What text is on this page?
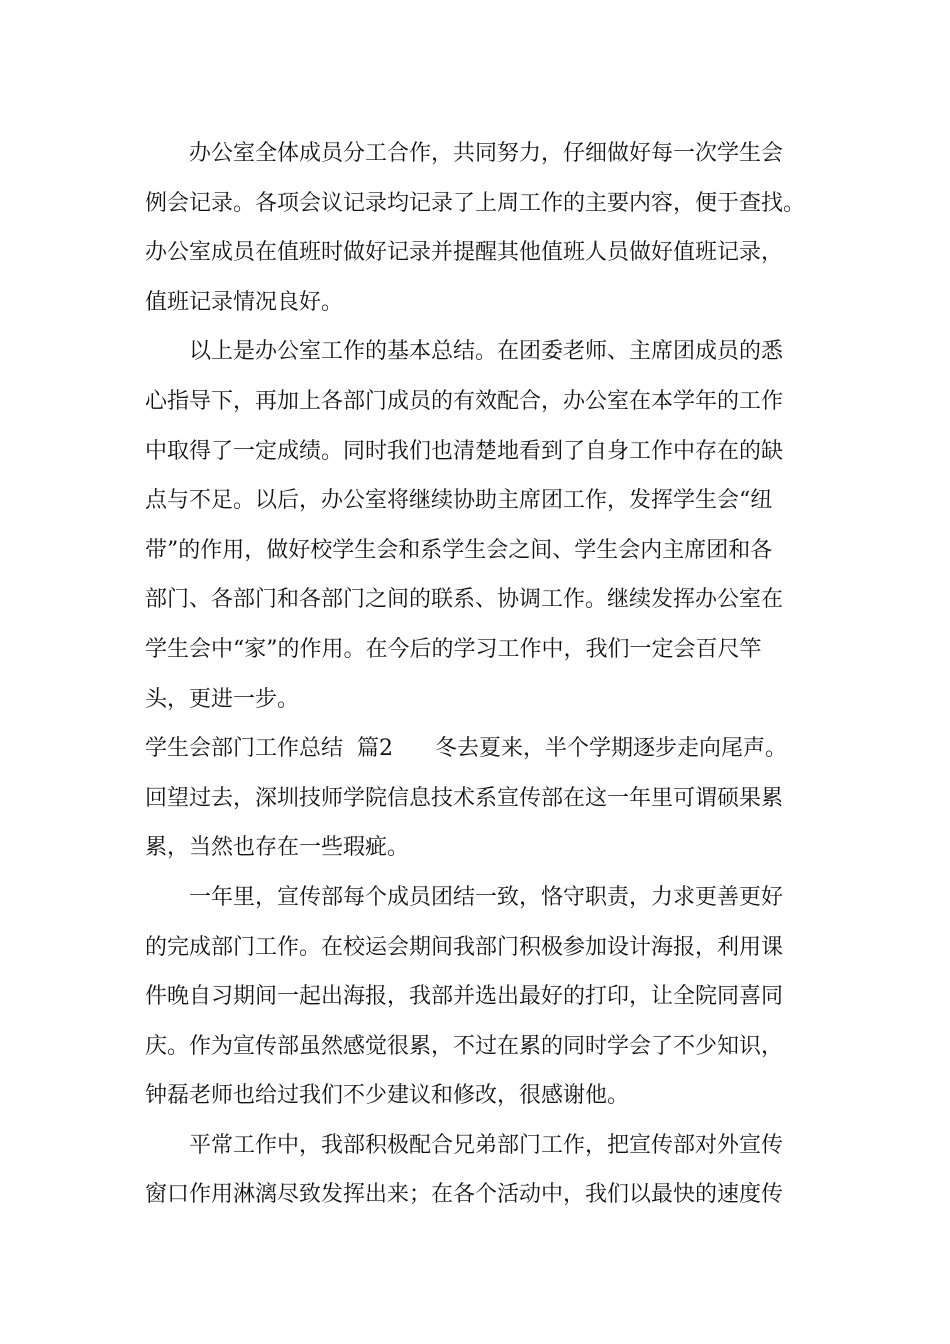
办公室全体成员分工合作，共同努力，仔细做好每一次学生会
例会记录。各项会议记录均记录了上周工作的主要内容，便于查找。
办公室成员在值班时做好记录并提醒其他值班人员做好值班记录，
值班记录情况良好。
以上是办公室工作的基本总结。在团委老师、主席团成员的悉
心指导下，再加上各部门成员的有效配合，办公室在本学年的工作
中取得了一定成绩。同时我们也清楚地看到了自身工作中存在的缺
点与不足。以后，办公室将继续协助主席团工作，发挥学生会“纽
带”的作用，做好校学生会和系学生会之间、学生会内主席团和各
部门、各部门和各部门之间的联系、协调工作。继续发挥办公室在
学生会中“家”的作用。在今后的学习工作中，我们一定会百尺竿
头，更进一步。
学生会部门工作总结  篇2      冬去夏来，半个学期逐步走向尾声。
回望过去，深圳技师学院信息技术系宣传部在这一年里可谓硕果累
累，当然也存在一些瑕疵。
一年里，宣传部每个成员团结一致，恪守职责，力求更善更好
的完成部门工作。在校运会期间我部门积极参加设计海报，利用课
件晚自习期间一起出海报，我部并选出最好的打印，让全院同喜同
庆。作为宣传部虽然感觉很累，不过在累的同时学会了不少知识，
钟磊老师也给过我们不少建议和修改，很感谢他。
平常工作中，我部积极配合兄弟部门工作，把宣传部对外宣传
窗口作用淋漓尽致发挥出来；在各个活动中，我们以最快的速度传
